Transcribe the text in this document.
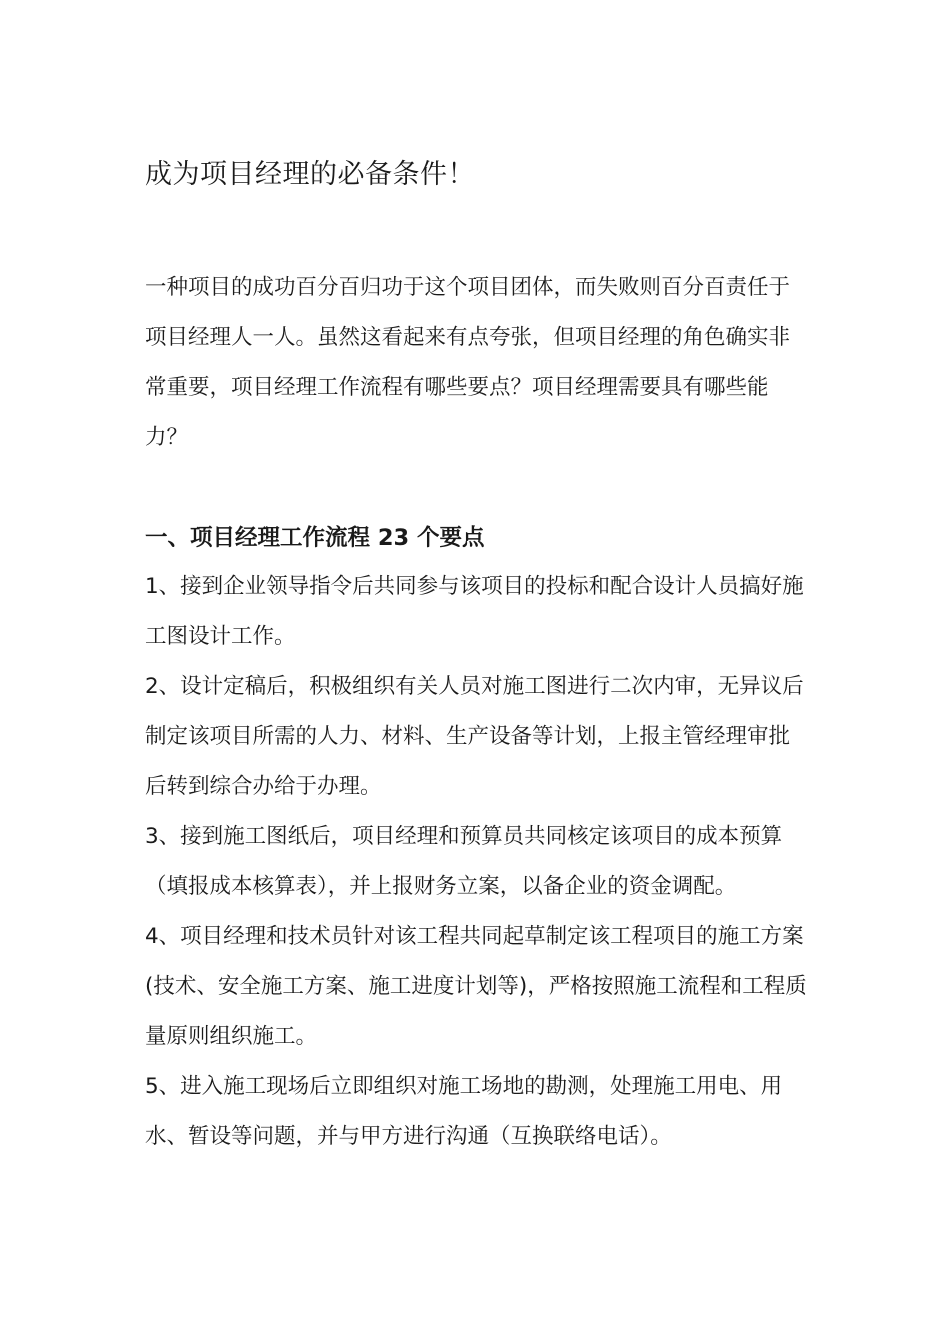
成为项目经理的必备条件！

一种项目的成功百分百归功于这个项目团体，而失败则百分百责任于项目经理人一人。虽然这看起来有点夸张，但项目经理的角色确实非常重要，项目经理工作流程有哪些要点？项目经理需要具有哪些能力？

一、项目经理工作流程 23 个要点

1、接到企业领导指令后共同参与该项目的投标和配合设计人员搞好施工图设计工作。

2、设计定稿后，积极组织有关人员对施工图进行二次内审，无异议后制定该项目所需的人力、材料、生产设备等计划，上报主管经理审批后转到综合办给于办理。

3、接到施工图纸后，项目经理和预算员共同核定该项目的成本预算（填报成本核算表），并上报财务立案，以备企业的资金调配。

4、项目经理和技术员针对该工程共同起草制定该工程项目的施工方案(技术、安全施工方案、施工进度计划等)，严格按照施工流程和工程质量原则组织施工。

5、进入施工现场后立即组织对施工场地的勘测，处理施工用电、用水、暂设等问题，并与甲方进行沟通（互换联络电话）。
